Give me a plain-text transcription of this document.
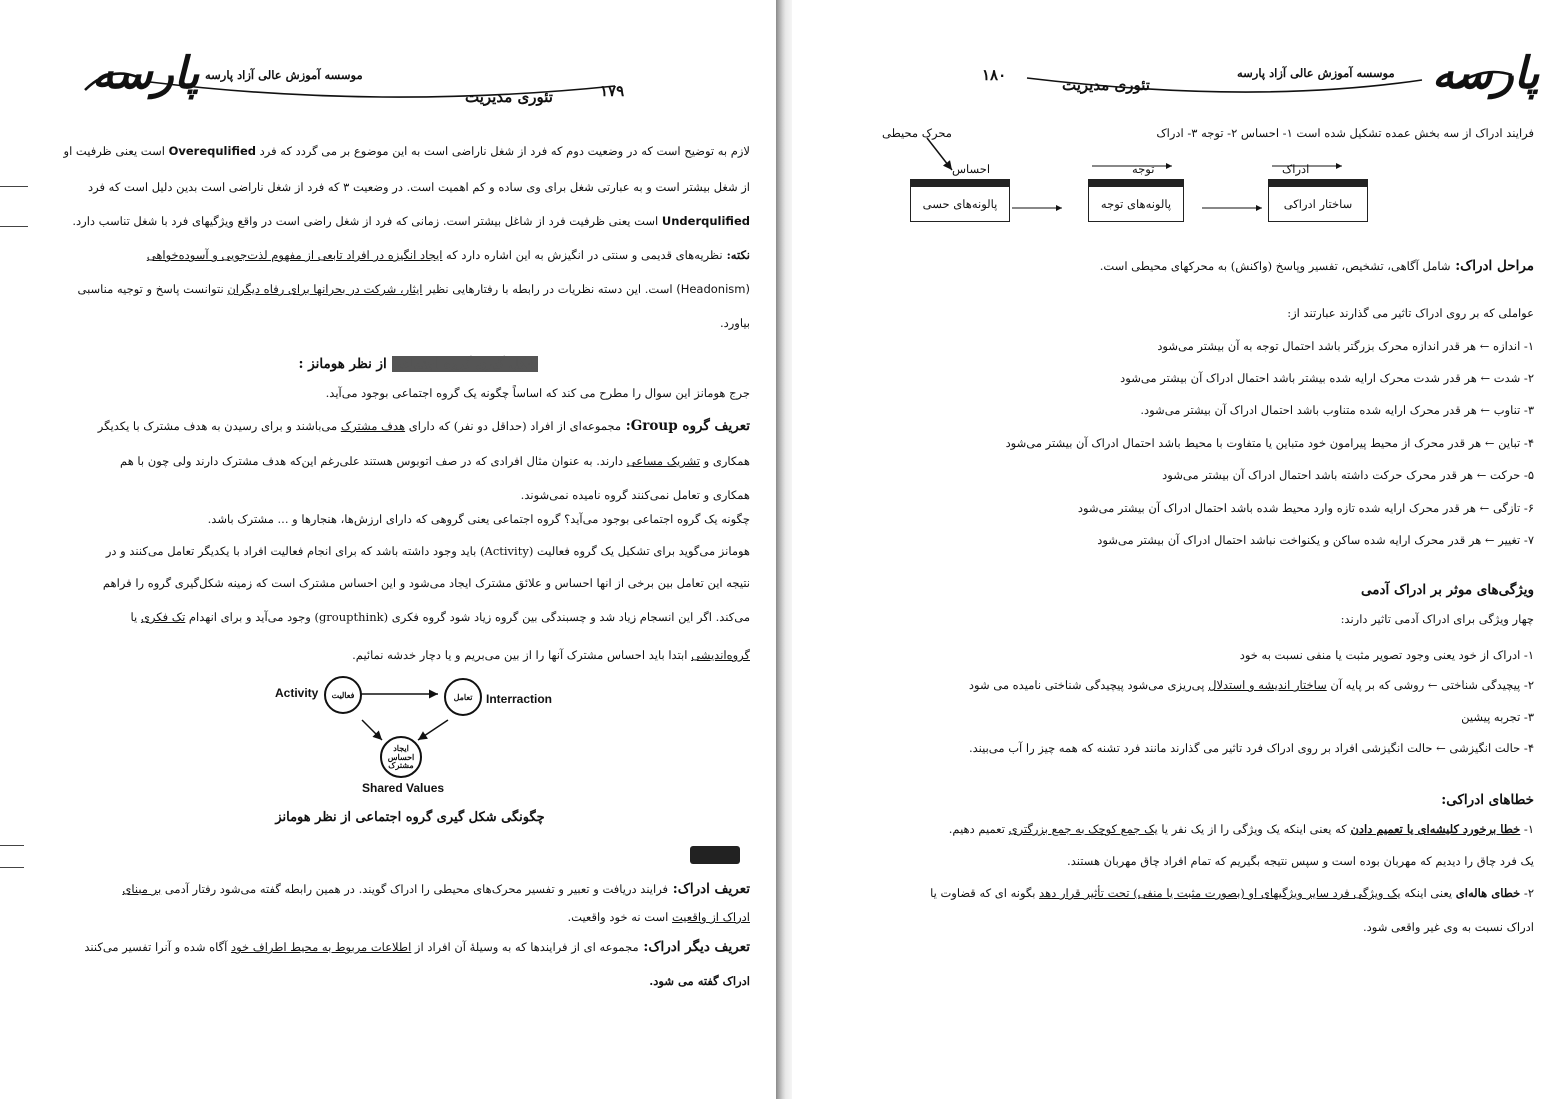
پارسه موسسه آموزش عالی آزاد پارسه
تئوری مدیریت	۱۷۹
لازم به توضیح است که در وضعیت دوم که فرد از شغل ناراضی است به این موضوع بر می گردد که فرد Overequlified است یعنی ظرفیت او
از شغل بیشتر است و به عبارتی شغل برای وی ساده و کم اهمیت است. در وضعیت ۳ که فرد از شغل ناراضی است بدین دلیل است که فرد
Underqulified است یعنی ظرفیت فرد از شاغل بیشتر است. زمانی که فرد از شغل راضی است در واقع ویژگیهای فرد با شغل تناسب دارد.
نکته: نظریه‌های قدیمی و سنتی در انگیزش به این اشاره دارد که ایجاد انگیزه در افراد تابعی از مفهوم لذت‌جویی و آسوده‌خواهی
(Headonism) است. این دسته نظریات در رابطه با رفتارهایی نظیر ایثار، شرکت در بحرانها برای رفاه دیگران نتوانست پاسخ و توجیه مناسبی
بیاورد.
شکل گیری گروه اجتماعی از نظر هومانز :
جرج هومانز این سوال را مطرح می کند که اساساً چگونه یک گروه اجتماعی بوجود می‌آید.
تعریف گروه Group: مجموعه‌ای از افراد (حداقل دو نفر) که دارای هدف مشترک می‌باشند و برای رسیدن به هدف مشترک با یکدیگر
همکاری و تشریک مساعی دارند. به عنوان مثال افرادی که در صف اتوبوس هستند علی‌رغم این‌که هدف مشترک دارند ولی چون با هم
همکاری و تعامل نمی‌کنند گروه نامیده نمی‌شوند.
چگونه یک گروه اجتماعی بوجود می‌آید؟ گروه اجتماعی یعنی گروهی که دارای ارزش‌ها، هنجارها و ... مشترک باشد.
هومانز می‌گوید برای تشکیل یک گروه فعالیت (Activity) باید وجود داشته باشد که برای انجام فعالیت افراد با یکدیگر تعامل می‌کنند و در
نتیجه این تعامل بین برخی از انها احساس و علائق مشترک ایجاد می‌شود و این احساس مشترک است که زمینه شکل‌گیری گروه را فراهم
می‌کند. اگر این انسجام زیاد شد و چسبندگی بین گروه زیاد شود گروه فکری (groupthink) وجود می‌آید و برای انهدام تک فکری یا
گروه‌اندیشی ابتدا باید احساس مشترک آنها را از بین می‌بریم و یا دچار خدشه نمائیم.
Activity	فعالیت	تعامل	Interraction
ایجاد احساس مشترک
Shared Values
چگونگی شکل گیری گروه اجتماعی از نظر هومانز
تعریف ادراک: فرایند دریافت و تعبیر و تفسیر محرک‌های محیطی را ادراک گویند. در همین رابطه گفته می‌شود رفتار آدمی بر مبنای
ادراک از واقعیت است نه خود واقعیت.
تعریف دیگر ادراک: مجموعه ای از فرایندها که به وسیلهٔ آن افراد از اطلاعات مربوط به محیط اطراف خود آگاه شده و آنرا تفسیر می‌کنند
ادراک گفته می شود.
۱۸۰
تئوری مدیریت
موسسه آموزش عالی آزاد پارسه پارسه
فرایند ادراک از سه بخش عمده تشکیل شده است ۱- احساس ۲- توجه ۳- ادراک
محرک محیطی
احساس	توجه	ادراک
پالونه‌های حسی	پالونه‌های توجه	ساختار ادراکی
مراحل ادراک: شامل آگاهی، تشخیص، تفسیر وپاسخ (واکنش) به محرکهای محیطی است.
عواملی که بر روی ادراک تاثیر می گذارند عبارتند از:
۱- اندازه ← هر قدر اندازه محرک بزرگتر باشد احتمال توجه به آن بیشتر می‌شود
۲- شدت ← هر قدر شدت محرک ارایه شده بیشتر باشد احتمال ادراک آن بیشتر می‌شود
۳- تناوب ← هر قدر محرک ارایه شده متناوب باشد احتمال ادراک آن بیشتر می‌شود.
۴- تباین ← هر قدر محرک از محیط پیرامون خود متباین یا متفاوت با محیط باشد احتمال ادراک آن بیشتر می‌شود
۵- حرکت ← هر قدر محرک حرکت داشته باشد احتمال ادراک آن بیشتر می‌شود
۶- تازگی ← هر قدر محرک ارایه شده تازه وارد محیط شده باشد احتمال ادراک آن بیشتر می‌شود
۷- تغییر ← هر قدر محرک ارایه شده ساکن و یکنواخت نباشد احتمال ادراک آن بیشتر می‌شود
ویژگی‌های موثر بر ادراک آدمی
چهار ویژگی برای ادراک آدمی تاثیر دارند:
۱- ادراک از خود یعنی وجود تصویر مثبت یا منفی نسبت به خود
۲- پیچیدگی شناختی ← روشی که بر پایه آن ساختار اندیشه و استدلال پی‌ریزی می‌شود پیچیدگی شناختی نامیده می شود
۳- تجربه پیشین
۴- حالت انگیزشی ← حالت انگیزشی افراد بر روی ادراک فرد تاثیر می گذارند مانند فرد تشنه که همه چیز را آب می‌بیند.
خطاهای ادراکی:
۱- خطا برخورد کلیشه‌ای یا تعمیم دادن که یعنی اینکه یک ویژگی را از یک نفر یا یک جمع کوچک به جمع بزرگتری تعمیم دهیم.
یک فرد چاق را دیدیم که مهربان بوده است و سپس نتیجه بگیریم که تمام افراد چاق مهربان هستند.
۲- خطای هاله‌ای یعنی اینکه یک ویژگی فرد سایر ویژگیهای او (بصورت مثبت یا منفی) تحت تأثیر قرار دهد بگونه ای که قضاوت یا
ادراک نسبت به وی غیر واقعی شود.
